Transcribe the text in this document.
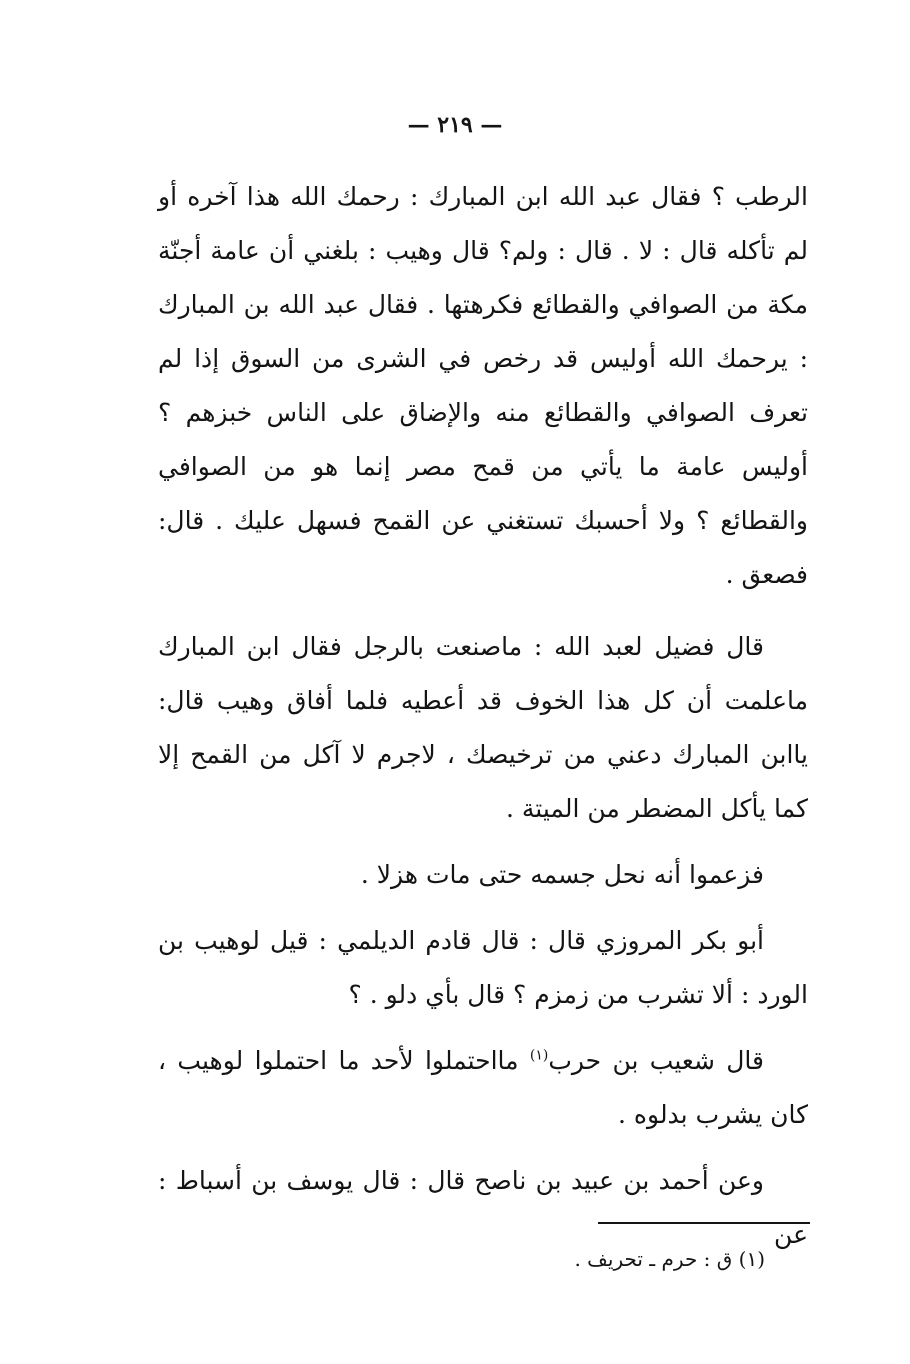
— ٢١٩ —

الرطب ؟ فقال عبد الله ابن المبارك : رحمك الله هذا آخره أو لم تأكله قال : لا . قال : ولم؟ قال وهيب : بلغني أن عامة أجنّة مكة من الصوافي والقطائع فكرهتها . فقال عبد الله بن المبارك : يرحمك الله أوليس قد رخص في الشرى من السوق إذا لم تعرف الصوافي والقطائع منه والإضاق على الناس خبزهم ؟ أوليس عامة ما يأتي من قمح مصر إنما هو من الصوافي والقطائع ؟ ولا أحسبك تستغني عن القمح فسهل عليك . قال: فصعق .

قال فضيل لعبد الله : ماصنعت بالرجل فقال ابن المبارك ماعلمت أن كل هذا الخوف قد أعطيه فلما أفاق وهيب قال: ياابن المبارك دعني من ترخيصك ، لاجرم لا آكل من القمح إلا كما يأكل المضطر من الميتة .

فزعموا أنه نحل جسمه حتى مات هزلا .

أبو بكر المروزي قال : قال قادم الديلمي : قيل لوهيب بن الورد : ألا تشرب من زمزم ؟ قال بأي دلو . ؟

قال شعيب بن حرب$^{(١)}$ مااحتملوا لأحد ما احتملوا لوهيب ، كان يشرب بدلوه .

وعن أحمد بن عبيد بن ناصح قال : قال يوسف بن أسباط : عن

(١) ق : حرم ـ تحريف .
